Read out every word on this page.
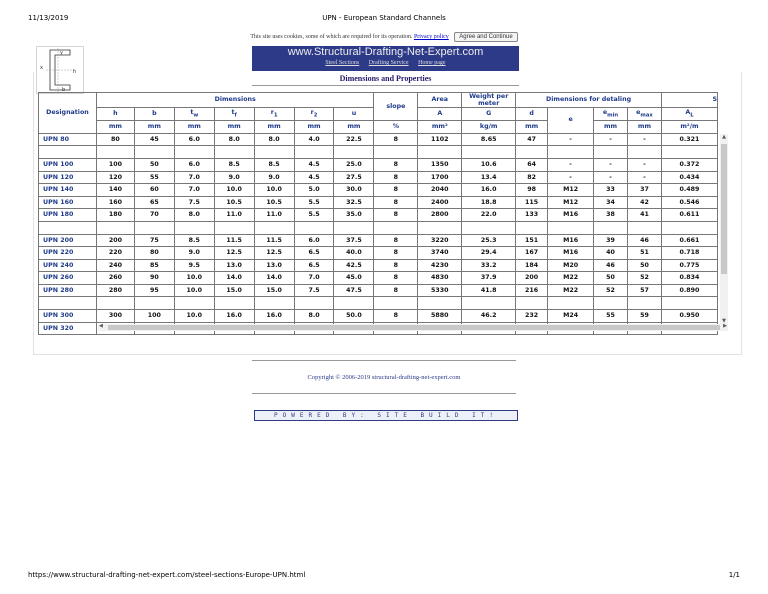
11/13/2019	UPN - European Standard Channels
This site uses cookies, some of which are required for its operation. Privacy policy Agree and Continue
x
y
h
b
www.Structural-Drafting-Net-Expert.com
Steel Sections Drafting Service Home page
Dimensions and Properties
Designation	Dimensions							slope	Area	Weight per meter	Dimensions for detaling				S
	h	b	$t_w$	$t_f$	$r_1$	$r_2$	u		A	G	d	e	$e_{min}$	$e_{max}$	$A_L$
	mm	mm	mm	mm	mm	mm	mm	%	mm²	kg/m	mm		mm	mm	m²/m
UPN 80	80	45	6.0	8.0	8.0	4.0	22.5	8	1102	8.65	47	-	-	-	0.321

UPN 100	100	50	6.0	8.5	8.5	4.5	25.0	8	1350	10.6	64	-	-	-	0.372
UPN 120	120	55	7.0	9.0	9.0	4.5	27.5	8	1700	13.4	82	-	-	-	0.434
UPN 140	140	60	7.0	10.0	10.0	5.0	30.0	8	2040	16.0	98	M12	33	37	0.489
UPN 160	160	65	7.5	10.5	10.5	5.5	32.5	8	2400	18.8	115	M12	34	42	0.546
UPN 180	180	70	8.0	11.0	11.0	5.5	35.0	8	2800	22.0	133	M16	38	41	0.611

UPN 200	200	75	8.5	11.5	11.5	6.0	37.5	8	3220	25.3	151	M16	39	46	0.661
UPN 220	220	80	9.0	12.5	12.5	6.5	40.0	8	3740	29.4	167	M16	40	51	0.718
UPN 240	240	85	9.5	13.0	13.0	6.5	42.5	8	4230	33.2	184	M20	46	50	0.775
UPN 260	260	90	10.0	14.0	14.0	7.0	45.0	8	4830	37.9	200	M22	50	52	0.834
UPN 280	280	95	10.0	15.0	15.0	7.5	47.5	8	5330	41.8	216	M22	52	57	0.890

UPN 300	300	100	10.0	16.0	16.0	8.0	50.0	8	5880	46.2	232	M24	55	59	0.950
UPN 320															
▲
▼
◀	▶
Copyright © 2006-2019 structural-drafting-net-expert.com
POWERED BY: SITE BUILD IT!
https://www.structural-drafting-net-expert.com/steel-sections-Europe-UPN.html	1/1
